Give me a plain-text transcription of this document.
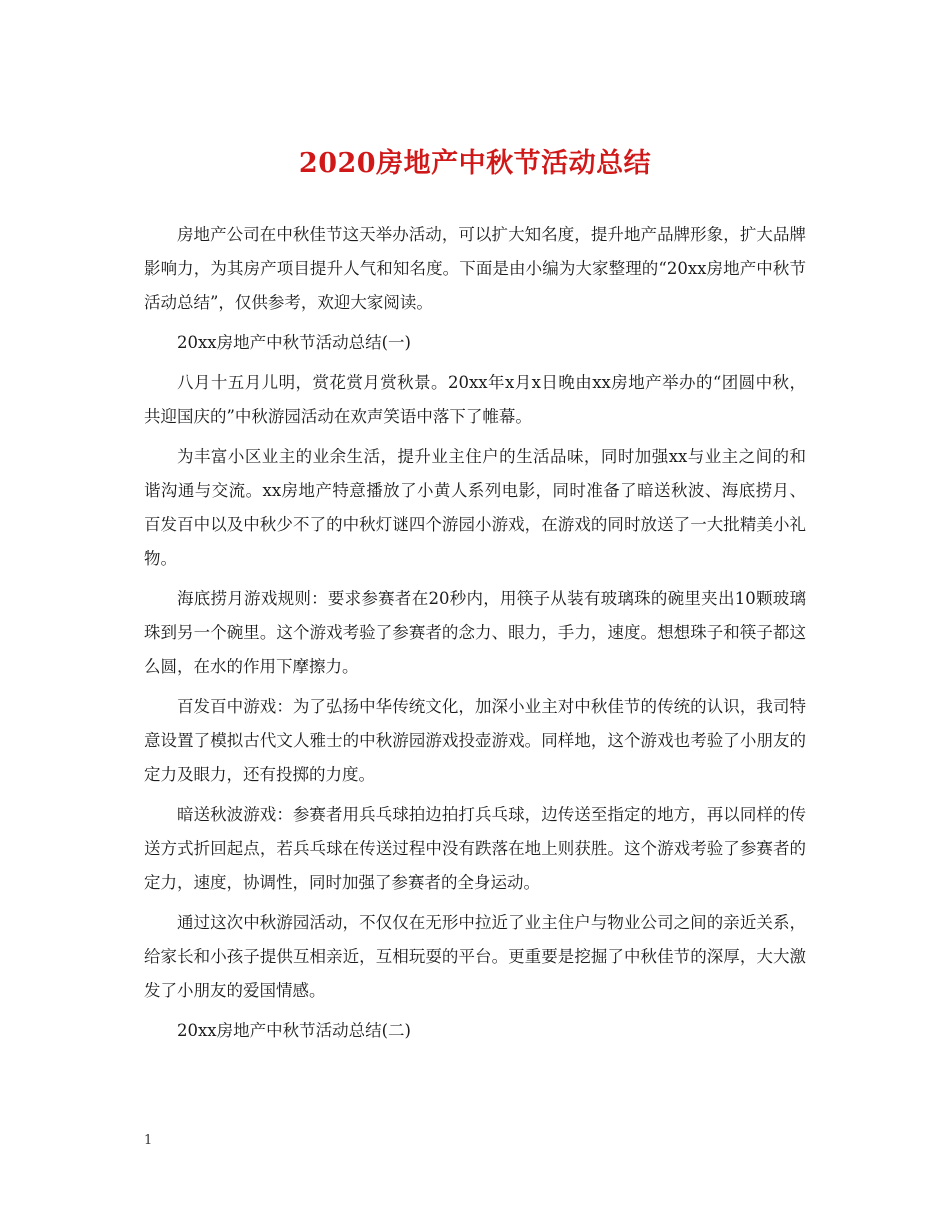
2020房地产中秋节活动总结

房地产公司在中秋佳节这天举办活动，可以扩大知名度，提升地产品牌形象，扩大品牌影响力，为其房产项目提升人气和知名度。下面是由小编为大家整理的“20xx房地产中秋节活动总结”，仅供参考，欢迎大家阅读。

20xx房地产中秋节活动总结(一)

八月十五月儿明，赏花赏月赏秋景。20xx年x月x日晚由xx房地产举办的“团圆中秋，共迎国庆的”中秋游园活动在欢声笑语中落下了帷幕。

为丰富小区业主的业余生活，提升业主住户的生活品味，同时加强xx与业主之间的和谐沟通与交流。xx房地产特意播放了小黄人系列电影，同时准备了暗送秋波、海底捞月、百发百中以及中秋少不了的中秋灯谜四个游园小游戏，在游戏的同时放送了一大批精美小礼物。

海底捞月游戏规则：要求参赛者在20秒内，用筷子从装有玻璃珠的碗里夹出10颗玻璃珠到另一个碗里。这个游戏考验了参赛者的念力、眼力，手力，速度。想想珠子和筷子都这么圆，在水的作用下摩擦力。

百发百中游戏：为了弘扬中华传统文化，加深小业主对中秋佳节的传统的认识，我司特意设置了模拟古代文人雅士的中秋游园游戏投壶游戏。同样地，这个游戏也考验了小朋友的定力及眼力，还有投掷的力度。

暗送秋波游戏：参赛者用兵乓球拍边拍打兵乓球，边传送至指定的地方，再以同样的传送方式折回起点，若兵乓球在传送过程中没有跌落在地上则获胜。这个游戏考验了参赛者的定力，速度，协调性，同时加强了参赛者的全身运动。

通过这次中秋游园活动，不仅仅在无形中拉近了业主住户与物业公司之间的亲近关系，给家长和小孩子提供互相亲近，互相玩耍的平台。更重要是挖掘了中秋佳节的深厚，大大激发了小朋友的爱国情感。

20xx房地产中秋节活动总结(二)

1
